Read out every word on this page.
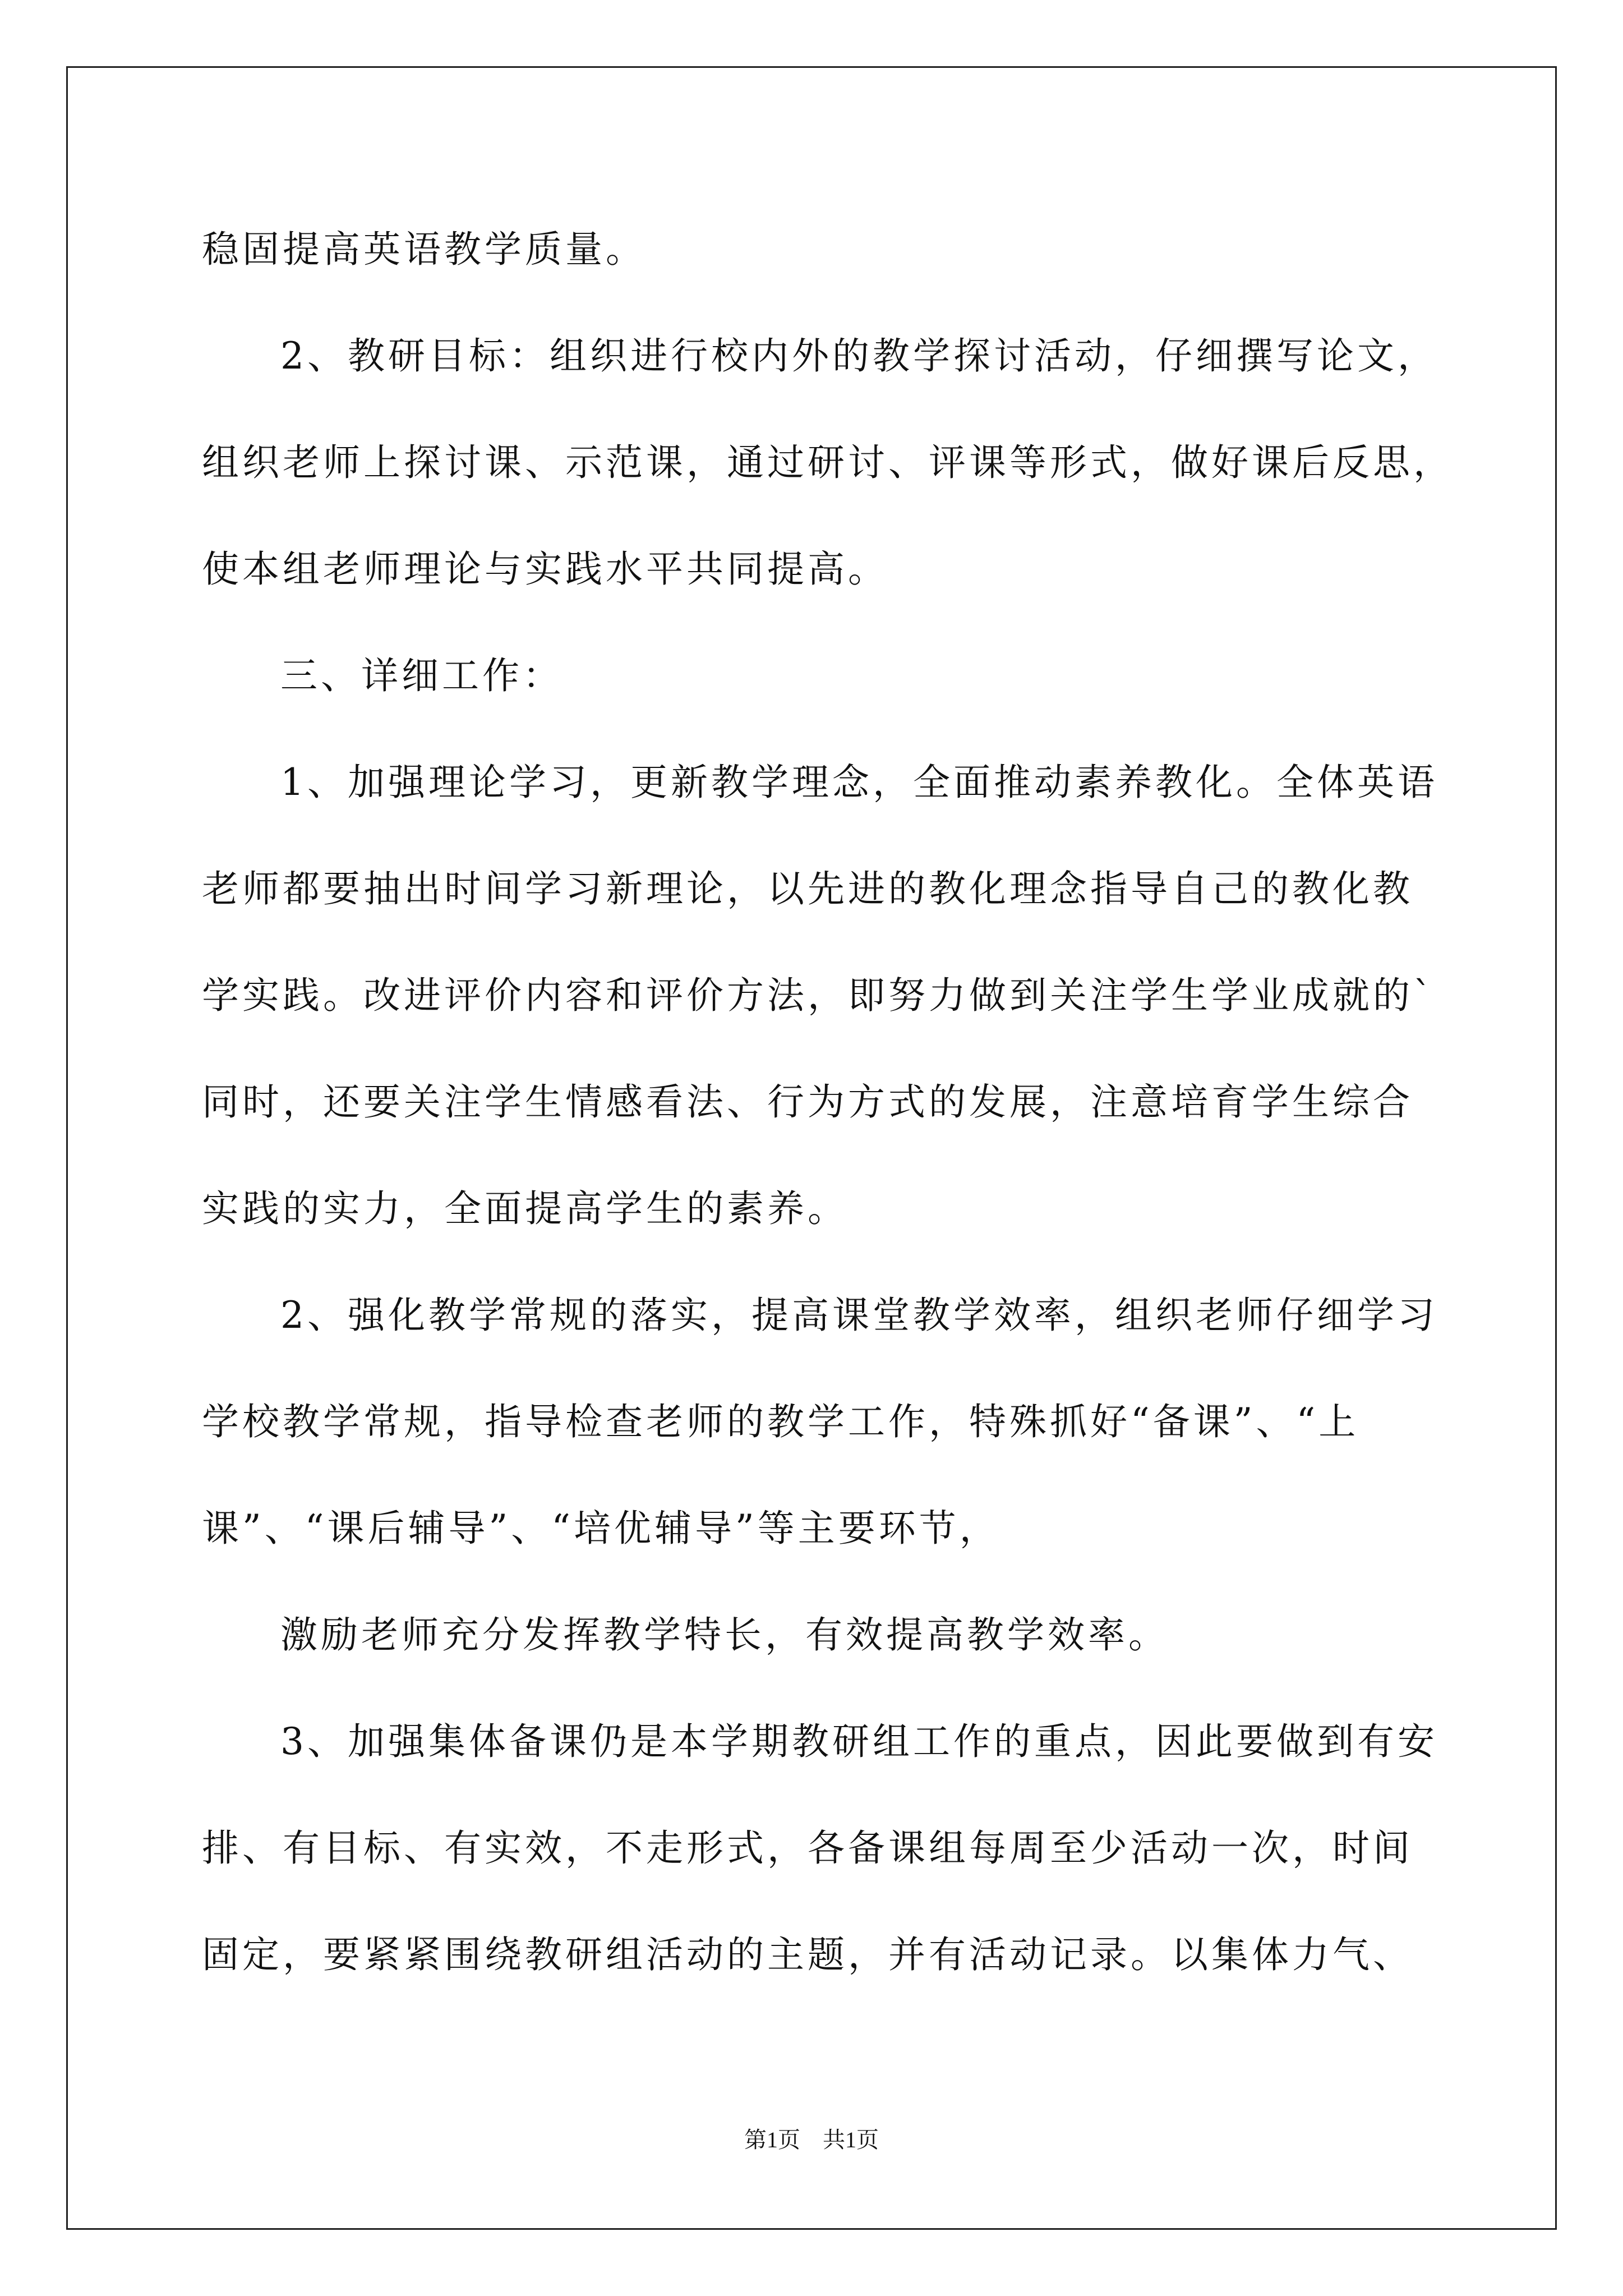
稳固提高英语教学质量。
2、教研目标：组织进行校内外的教学探讨活动，仔细撰写论文，
组织老师上探讨课、示范课，通过研讨、评课等形式，做好课后反思，
使本组老师理论与实践水平共同提高。
三、详细工作：
1、加强理论学习，更新教学理念，全面推动素养教化。全体英语
老师都要抽出时间学习新理论，以先进的教化理念指导自己的教化教
学实践。改进评价内容和评价方法，即努力做到关注学生学业成就的`
同时，还要关注学生情感看法、行为方式的发展，注意培育学生综合
实践的实力，全面提高学生的素养。
2、强化教学常规的落实，提高课堂教学效率，组织老师仔细学习
学校教学常规，指导检查老师的教学工作，特殊抓好“备课”、“上
课”、“课后辅导”、“培优辅导”等主要环节，
激励老师充分发挥教学特长，有效提高教学效率。
3、加强集体备课仍是本学期教研组工作的重点，因此要做到有安
排、有目标、有实效，不走形式，各备课组每周至少活动一次，时间
固定，要紧紧围绕教研组活动的主题，并有活动记录。以集体力气、
第1页　共1页
